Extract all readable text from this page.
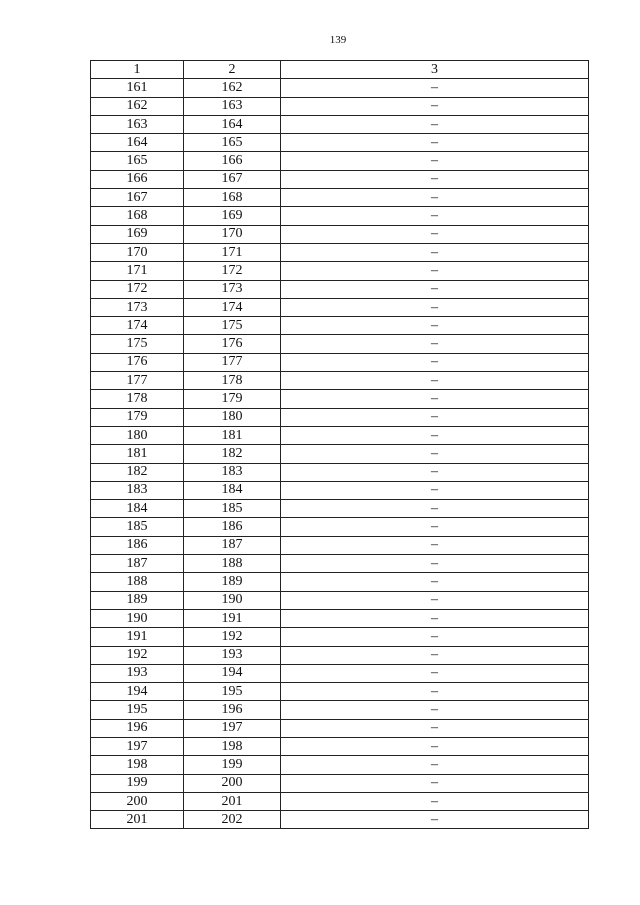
139
1	2	3
161	162	–
162	163	–
163	164	–
164	165	–
165	166	–
166	167	–
167	168	–
168	169	–
169	170	–
170	171	–
171	172	–
172	173	–
173	174	–
174	175	–
175	176	–
176	177	–
177	178	–
178	179	–
179	180	–
180	181	–
181	182	–
182	183	–
183	184	–
184	185	–
185	186	–
186	187	–
187	188	–
188	189	–
189	190	–
190	191	–
191	192	–
192	193	–
193	194	–
194	195	–
195	196	–
196	197	–
197	198	–
198	199	–
199	200	–
200	201	–
201	202	–
